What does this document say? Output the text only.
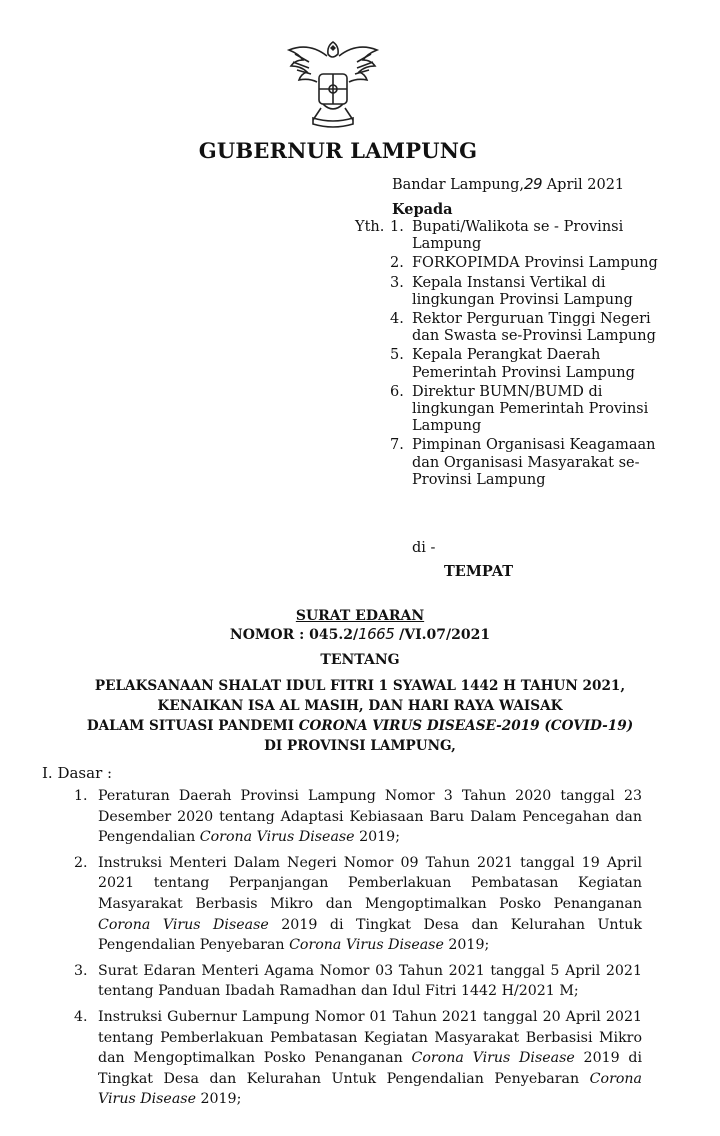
GUBERNUR LAMPUNG
Bandar Lampung,29 April 2021
Kepada
Yth. 1. Bupati/Walikota se - Provinsi Lampung
2. FORKOPIMDA Provinsi Lampung
3. Kepala Instansi Vertikal di lingkungan Provinsi Lampung
4. Rektor Perguruan Tinggi Negeri dan Swasta se-Provinsi Lampung
5. Kepala Perangkat Daerah Pemerintah Provinsi Lampung
6. Direktur BUMN/BUMD di lingkungan Pemerintah Provinsi Lampung
7. Pimpinan Organisasi Keagamaan dan Organisasi Masyarakat se-Provinsi Lampung
di -
TEMPAT
SURAT EDARAN
NOMOR : 045.2/1665 /VI.07/2021
TENTANG
PELAKSANAAN SHALAT IDUL FITRI 1 SYAWAL 1442 H TAHUN 2021,
KENAIKAN ISA AL MASIH, DAN HARI RAYA WAISAK
DALAM SITUASI PANDEMI CORONA VIRUS DISEASE-2019 (COVID-19)
DI PROVINSI LAMPUNG,
I. Dasar :
1. Peraturan Daerah Provinsi Lampung Nomor 3 Tahun 2020 tanggal 23 Desember 2020 tentang Adaptasi Kebiasaan Baru Dalam Pencegahan dan Pengendalian Corona Virus Disease 2019;
2. Instruksi Menteri Dalam Negeri Nomor 09 Tahun 2021 tanggal 19 April 2021 tentang Perpanjangan Pemberlakuan Pembatasan Kegiatan Masyarakat Berbasis Mikro dan Mengoptimalkan Posko Penanganan Corona Virus Disease 2019 di Tingkat Desa dan Kelurahan Untuk Pengendalian Penyebaran Corona Virus Disease 2019;
3. Surat Edaran Menteri Agama Nomor 03 Tahun 2021 tanggal 5 April 2021 tentang Panduan Ibadah Ramadhan dan Idul Fitri 1442 H/2021 M;
4. Instruksi Gubernur Lampung Nomor 01 Tahun 2021 tanggal 20 April 2021 tentang Pemberlakuan Pembatasan Kegiatan Masyarakat Berbasisi Mikro dan Mengoptimalkan Posko Penanganan Corona Virus Disease 2019 di Tingkat Desa dan Kelurahan Untuk Pengendalian Penyebaran Corona Virus Disease 2019;
